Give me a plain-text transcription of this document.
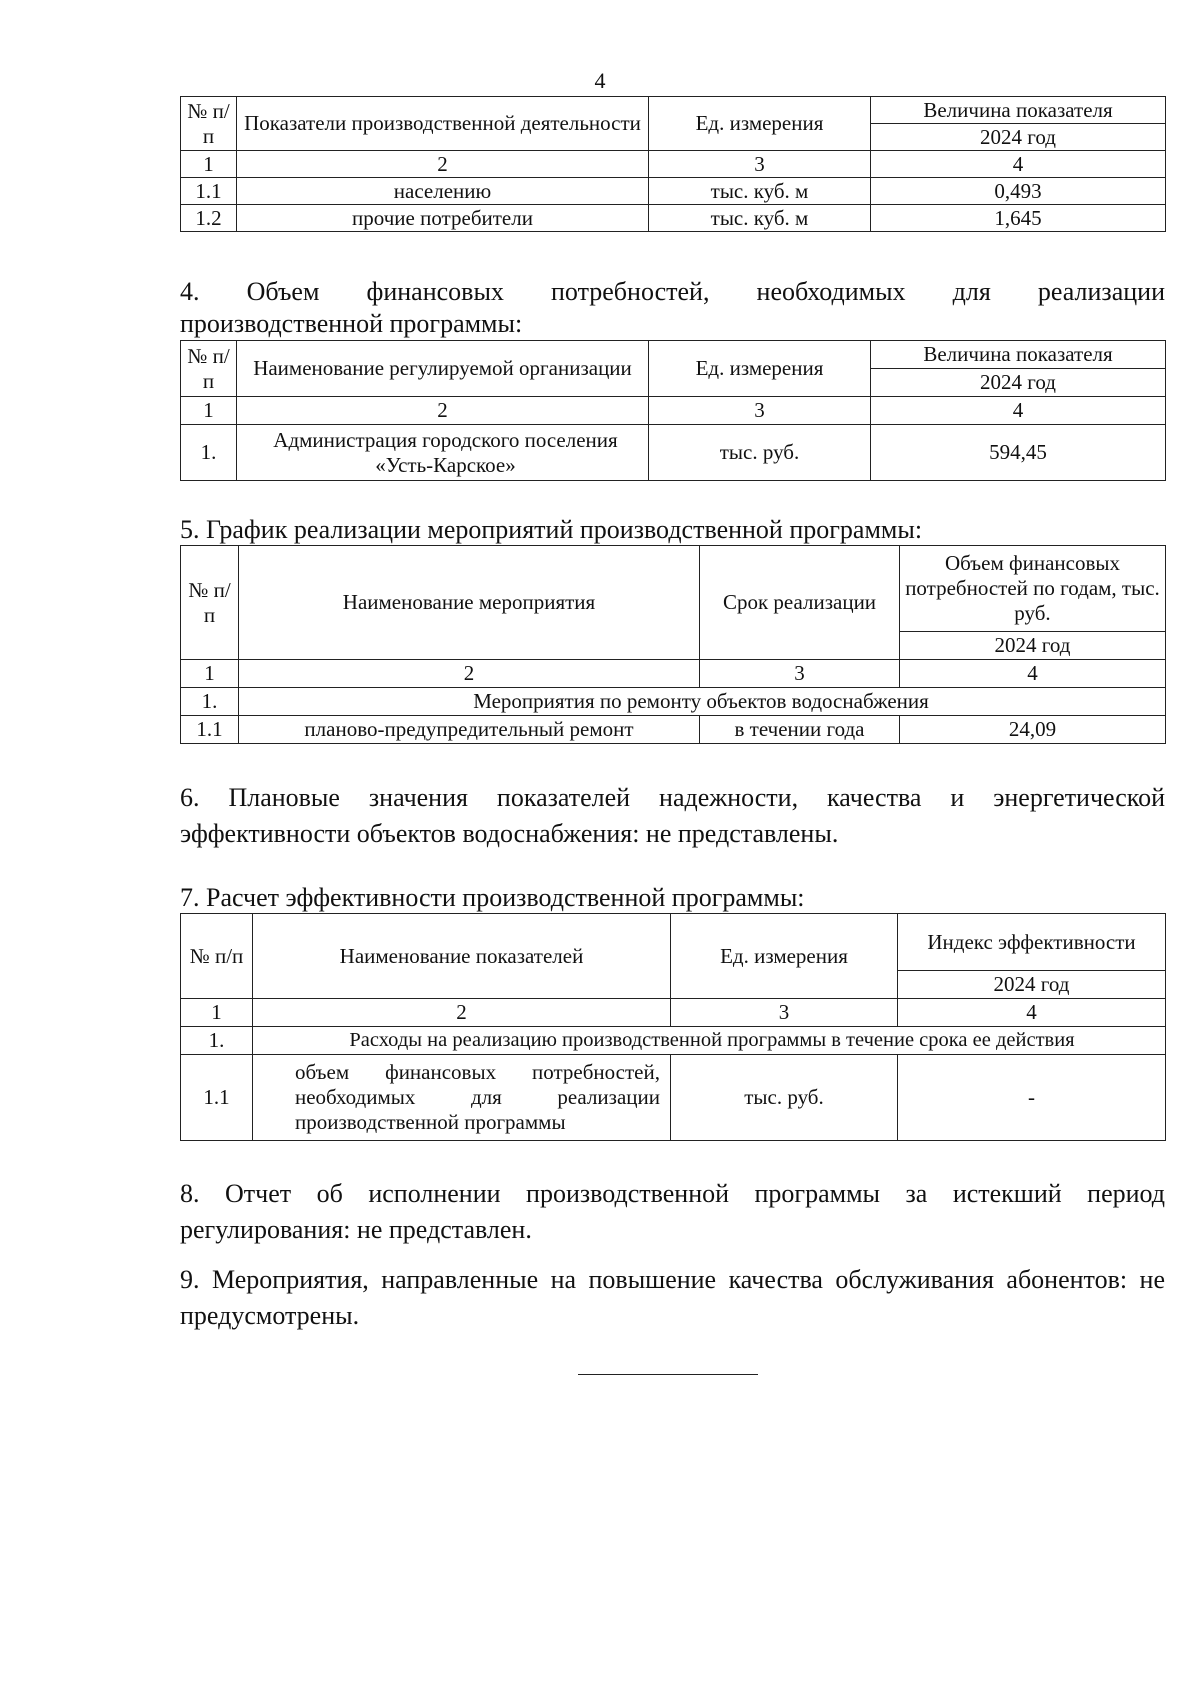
4
№ п/п	Показатели производственной деятельности	Ед. измерения	Величина показателя
			2024 год
1	2	3	4
1.1	населению	тыс. куб. м	0,493
1.2	прочие потребители	тыс. куб. м	1,645
4. Объем финансовых потребностей, необходимых для реализации
производственной программы:
№ п/п	Наименование регулируемой организации	Ед. измерения	Величина показателя
			2024 год
1	2	3	4
1.	Администрация городского поселения «Усть-Карское»	тыс. руб.	594,45
5. График реализации мероприятий производственной программы:
№ п/п	Наименование мероприятия	Срок реализации	Объем финансовых потребностей по годам, тыс. руб.
			2024 год
1	2	3	4
1.	Мероприятия по ремонту объектов водоснабжения		
1.1	планово-предупредительный ремонт	в течении года	24,09
6. Плановые значения показателей надежности, качества и энергетической эффективности объектов водоснабжения: не представлены.
7. Расчет эффективности производственной программы:
№ п/п	Наименование показателей	Ед. измерения	Индекс эффективности
			2024 год
1	2	3	4
1.	Расходы на реализацию производственной программы в течение срока ее действия		
1.1	объем финансовых потребностей,
необходимых для реализации
производственной программы	тыс. руб.	-
8. Отчет об исполнении производственной программы за истекший период регулирования: не представлен.
9. Мероприятия, направленные на повышение качества обслуживания абонентов: не предусмотрены.
